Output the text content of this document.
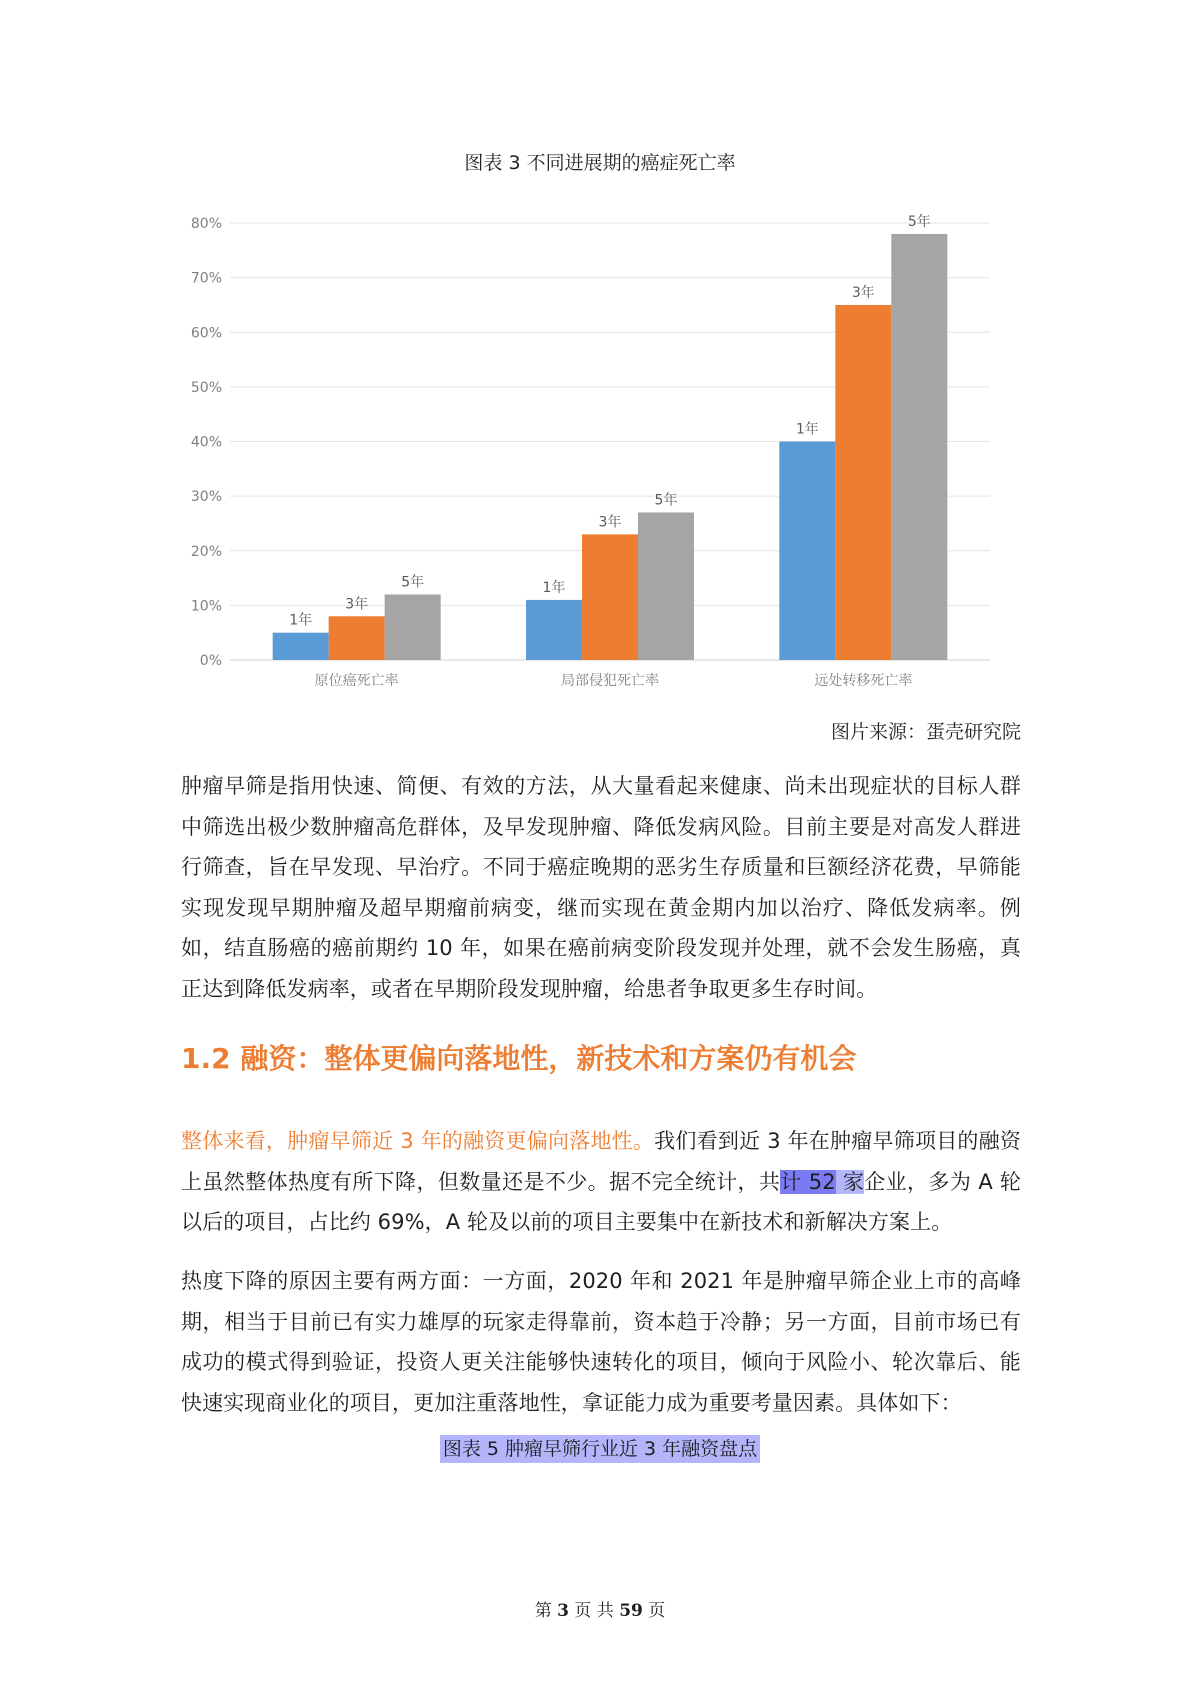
图表 3 不同进展期的癌症死亡率
0%
10%
20%
30%
40%
50%
60%
70%
80%
1年
3年
5年
原位癌死亡率
1年
3年
5年
局部侵犯死亡率
1年
3年
5年
远处转移死亡率
图片来源：蛋壳研究院
肿瘤早筛是指用快速、简便、有效的方法，从大量看起来健康、尚未出现症状的目标人群中筛选出极少数肿瘤高危群体，及早发现肿瘤、降低发病风险。目前主要是对高发人群进行筛查，旨在早发现、早治疗。不同于癌症晚期的恶劣生存质量和巨额经济花费，早筛能实现发现早期肿瘤及超早期瘤前病变，继而实现在黄金期内加以治疗、降低发病率。例如，结直肠癌的癌前期约 10 年，如果在癌前病变阶段发现并处理，就不会发生肠癌，真正达到降低发病率，或者在早期阶段发现肿瘤，给患者争取更多生存时间。
1.2 融资：整体更偏向落地性，新技术和方案仍有机会
整体来看，肿瘤早筛近 3 年的融资更偏向落地性。我们看到近 3 年在肿瘤早筛项目的融资上虽然整体热度有所下降，但数量还是不少。据不完全统计，共计 52 家企业，多为 A 轮以后的项目，占比约 69%，A 轮及以前的项目主要集中在新技术和新解决方案上。
热度下降的原因主要有两方面：一方面，2020 年和 2021 年是肿瘤早筛企业上市的高峰期，相当于目前已有实力雄厚的玩家走得靠前，资本趋于冷静；另一方面，目前市场已有成功的模式得到验证，投资人更关注能够快速转化的项目，倾向于风险小、轮次靠后、能快速实现商业化的项目，更加注重落地性，拿证能力成为重要考量因素。具体如下：
图表 5 肿瘤早筛行业近 3 年融资盘点
第 3 页 共 59 页
